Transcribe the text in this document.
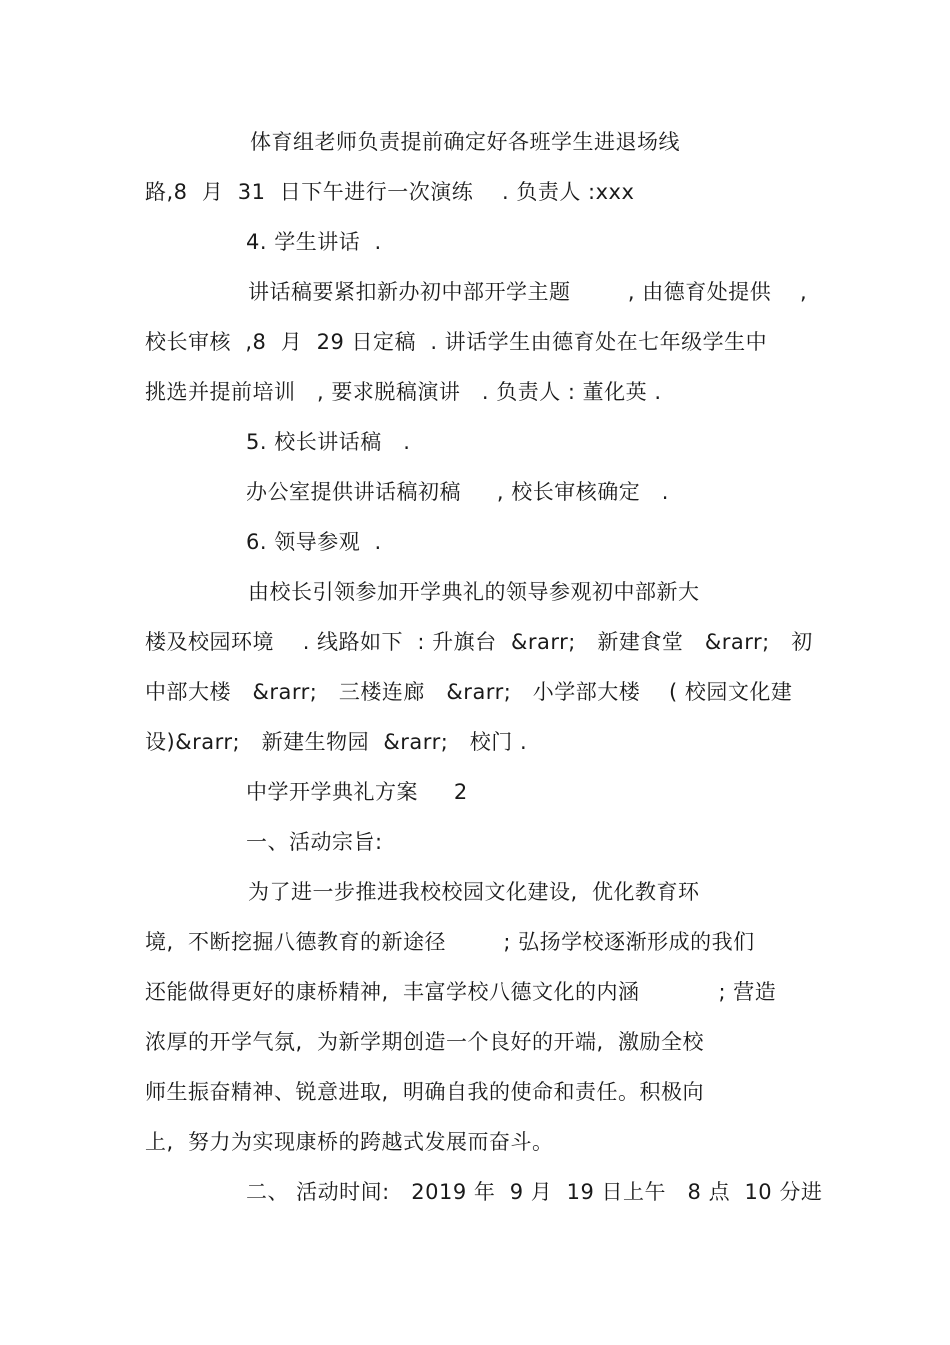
体育组老师负责提前确定好各班学生进退场线
路,8  月  31  日下午进行一次演练    . 负责人 :xxx
4. 学生讲话  .
讲话稿要紧扣新办初中部开学主题        , 由德育处提供    ,
校长审核  ,8  月  29 日定稿  . 讲话学生由德育处在七年级学生中
挑选并提前培训   , 要求脱稿演讲   . 负责人 : 董化英 .
5. 校长讲话稿   .
办公室提供讲话稿初稿     , 校长审核确定   .
6. 领导参观  .
由校长引领参加开学典礼的领导参观初中部新大
楼及校园环境    . 线路如下  : 升旗台  &rarr;   新建食堂   &rarr;   初
中部大楼   &rarr;   三楼连廊   &rarr;   小学部大楼    ( 校园文化建
设)&rarr;   新建生物园  &rarr;   校门 .
中学开学典礼方案     2
一、活动宗旨:
为了进一步推进我校校园文化建设,  优化教育环
境,  不断挖掘八德教育的新途径        ; 弘扬学校逐渐形成的我们
还能做得更好的康桥精神,  丰富学校八德文化的内涵           ; 营造
浓厚的开学气氛,  为新学期创造一个良好的开端,  激励全校
师生振奋精神、锐意进取,  明确自我的使命和责任。积极向
上,  努力为实现康桥的跨越式发展而奋斗。
二、 活动时间:   2019 年  9 月  19 日上午   8 点  10 分进
